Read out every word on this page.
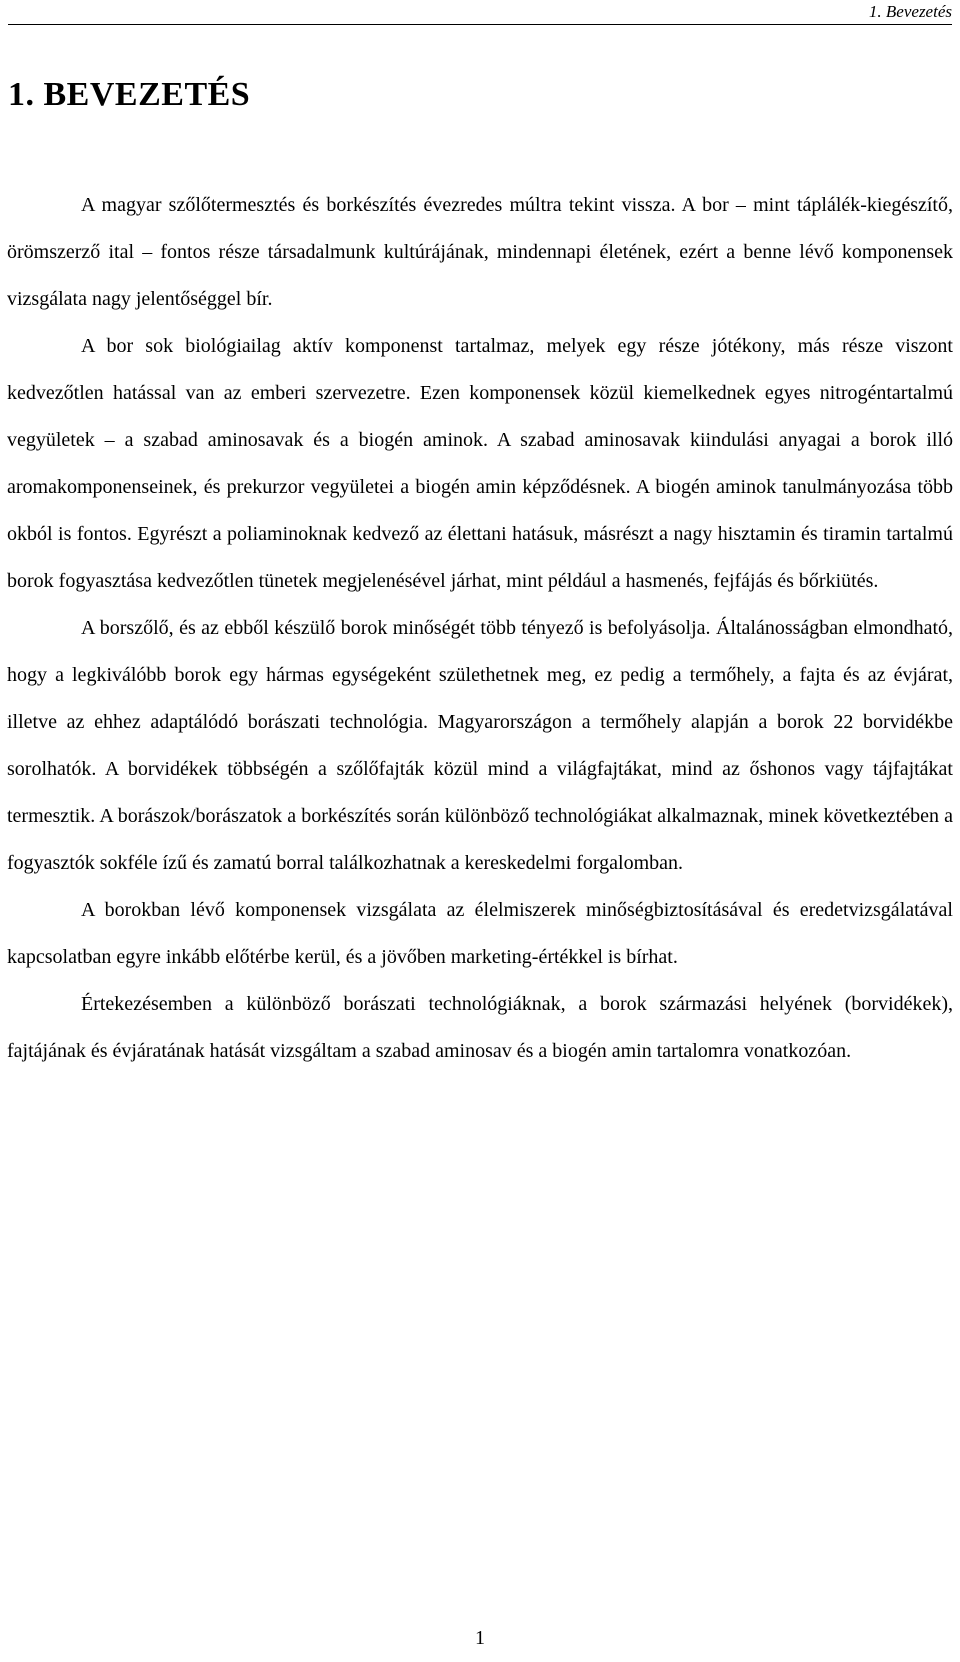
1. Bevezetés
1. BEVEZETÉS

A magyar szőlőtermesztés és borkészítés évezredes múltra tekint vissza. A bor – mint táplálék-kiegészítő, örömszerző ital – fontos része társadalmunk kultúrájának, mindennapi életének, ezért a benne lévő komponensek vizsgálata nagy jelentőséggel bír.

A bor sok biológiailag aktív komponenst tartalmaz, melyek egy része jótékony, más része viszont kedvezőtlen hatással van az emberi szervezetre. Ezen komponensek közül kiemelkednek egyes nitrogéntartalmú vegyületek – a szabad aminosavak és a biogén aminok. A szabad aminosavak kiindulási anyagai a borok illó aromakomponenseinek, és prekurzor vegyületei a biogén amin képződésnek. A biogén aminok tanulmányozása több okból is fontos. Egyrészt a poliaminoknak kedvező az élettani hatásuk, másrészt a nagy hisztamin és tiramin tartalmú borok fogyasztása kedvezőtlen tünetek megjelenésével járhat, mint például a hasmenés, fejfájás és bőrkiütés.

A borszőlő, és az ebből készülő borok minőségét több tényező is befolyásolja. Általánosságban elmondható, hogy a legkiválóbb borok egy hármas egységeként születhetnek meg, ez pedig a termőhely, a fajta és az évjárat, illetve az ehhez adaptálódó borászati technológia. Magyarországon a termőhely alapján a borok 22 borvidékbe sorolhatók. A borvidékek többségén a szőlőfajták közül mind a világfajtákat, mind az őshonos vagy tájfajtákat termesztik. A borászok/borászatok a borkészítés során különböző technológiákat alkalmaznak, minek következtében a fogyasztók sokféle ízű és zamatú borral találkozhatnak a kereskedelmi forgalomban.

A borokban lévő komponensek vizsgálata az élelmiszerek minőségbiztosításával és eredetvizsgálatával kapcsolatban egyre inkább előtérbe kerül, és a jövőben marketing-értékkel is bírhat.

Értekezésemben a különböző borászati technológiáknak, a borok származási helyének (borvidékek), fajtájának és évjáratának hatását vizsgáltam a szabad aminosav és a biogén amin tartalomra vonatkozóan.

1
